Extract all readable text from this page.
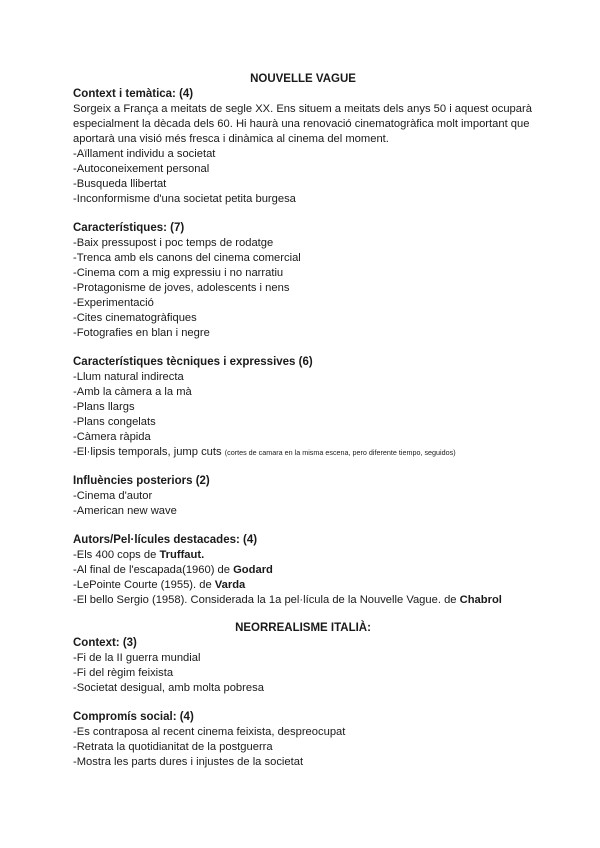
NOUVELLE VAGUE

Context i temàtica: (4)

Sorgeix a França a meitats de segle XX. Ens situem a meitats dels anys 50 i aquest ocuparà especialment la dècada dels 60. Hi haurà una renovació cinematogràfica molt important que aportarà una visió més fresca i dinàmica al cinema del moment.

-Aïllament individu a societat

-Autoconeixement personal

-Busqueda llibertat

-Inconformisme d'una societat petita burgesa

Característiques: (7)

-Baix pressupost i poc temps de rodatge

-Trenca amb els canons del cinema comercial

-Cinema com a mig expressiu i no narratiu

-Protagonisme de joves, adolescents i nens

-Experimentació

-Cites cinematogràfiques

-Fotografies en blan i negre

Característiques tècniques i expressives (6)

-Llum natural indirecta

-Amb la càmera a la mà

-Plans llargs

-Plans congelats

-Càmera ràpida

-El·lipsis temporals, jump cuts (cortes de camara en la misma escena, pero diferente tiempo, seguidos)

Influències posteriors (2)

-Cinema d'autor

-American new wave

Autors/Pel·lícules destacades: (4)

-Els 400 cops de Truffaut.

-Al final de l'escapada(1960) de Godard

-LePointe Courte (1955). de Varda

-El bello Sergio (1958). Considerada la 1a pel·lícula de la Nouvelle Vague. de Chabrol

NEORREALISME ITALIÀ:

Context: (3)

-Fi de la II guerra mundial

-Fi del règim feixista

-Societat desigual, amb molta pobresa

Compromís social: (4)

-Es contraposa al recent cinema feixista, despreocupat

-Retrata la quotidianitat de la postguerra

-Mostra les parts dures i injustes de la societat
